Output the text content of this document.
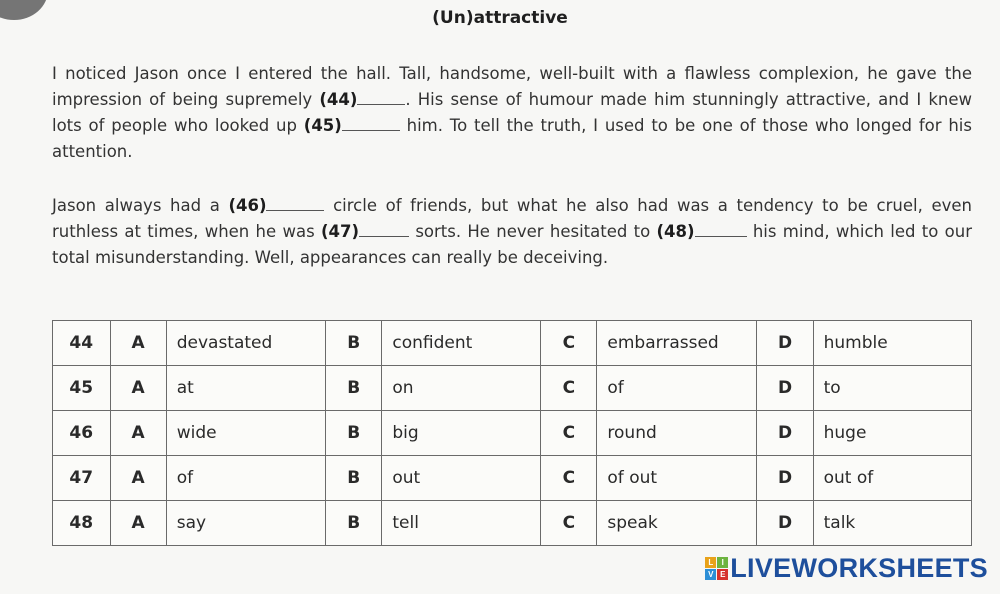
(Un)attractive
I noticed Jason once I entered the hall. Tall, handsome, well-built with a flawless complexion, he gave the impression of being supremely (44)	. His sense of humour made him stunningly attractive, and I knew lots of people who looked up (45)	him. To tell the truth, I used to be one of those who longed for his attention.
Jason always had a (46)	circle of friends, but what he also had was a tendency to be cruel, even ruthless at times, when he was (47)	sorts. He never hesitated to (48)	his mind, which led to our total misunderstanding. Well, appearances can really be deceiving.
44	A	devastated	B	confident	C	embarrassed	D	humble
45	A	at	B	on	C	of	D	to
46	A	wide	B	big	C	round	D	huge
47	A	of	B	out	C	of out	D	out of
48	A	say	B	tell	C	speak	D	talk
L	I
V E LIVEWORKSHEETS
